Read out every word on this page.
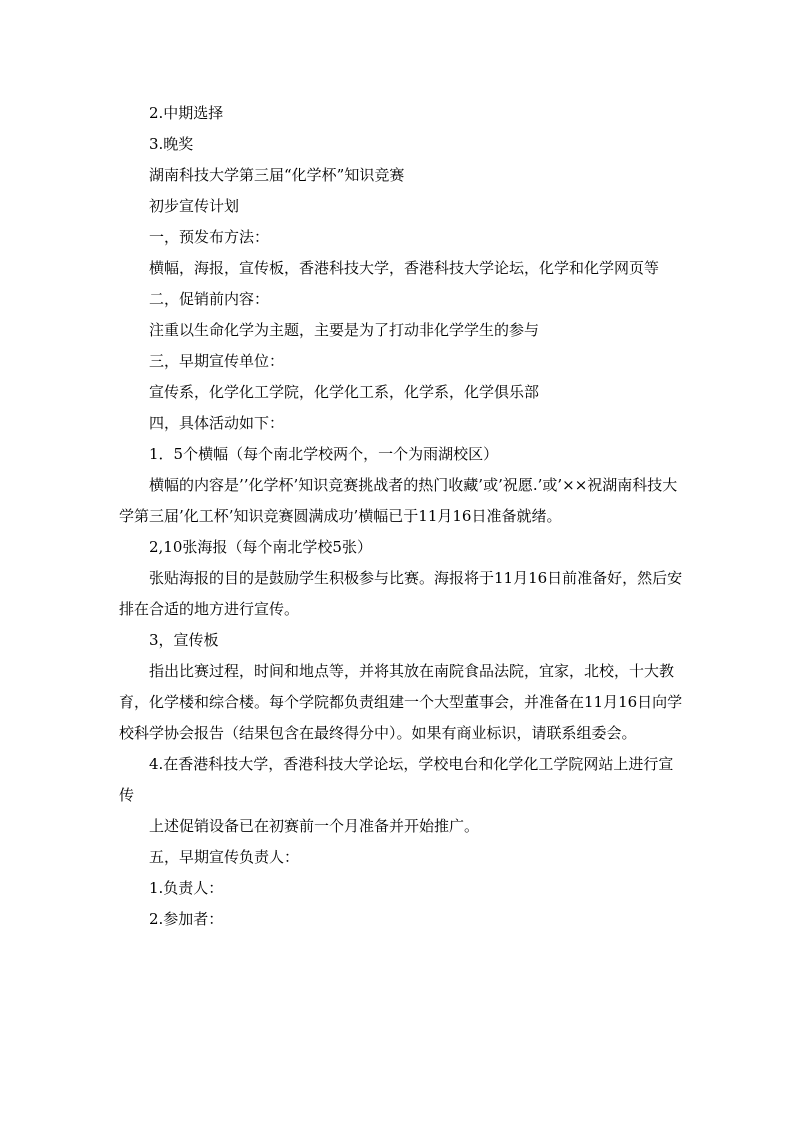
2.中期选择

3.晚奖

湖南科技大学第三届“化学杯”知识竞赛

初步宣传计划

一，预发布方法：

横幅，海报，宣传板，香港科技大学，香港科技大学论坛，化学和化学网页等

二，促销前内容：

注重以生命化学为主题，主要是为了打动非化学学生的参与

三，早期宣传单位：

宣传系，化学化工学院，化学化工系，化学系，化学俱乐部

四，具体活动如下：

1．5个横幅（每个南北学校两个，一个为雨湖校区）

横幅的内容是’’化学杯’知识竞赛挑战者的热门收藏’或’祝愿.’或’××祝湖南科技大学第三届’化工杯’知识竞赛圆满成功’横幅已于11月16日准备就绪。

2,10张海报（每个南北学校5张）

张贴海报的目的是鼓励学生积极参与比赛。海报将于11月16日前准备好，然后安排在合适的地方进行宣传。

3，宣传板

指出比赛过程，时间和地点等，并将其放在南院食品法院，宜家，北校，十大教育，化学楼和综合楼。每个学院都负责组建一个大型董事会，并准备在11月16日向学校科学协会报告（结果包含在最终得分中）。如果有商业标识，请联系组委会。

4.在香港科技大学，香港科技大学论坛，学校电台和化学化工学院网站上进行宣传

上述促销设备已在初赛前一个月准备并开始推广。

五，早期宣传负责人：

1.负责人：

2.参加者：
